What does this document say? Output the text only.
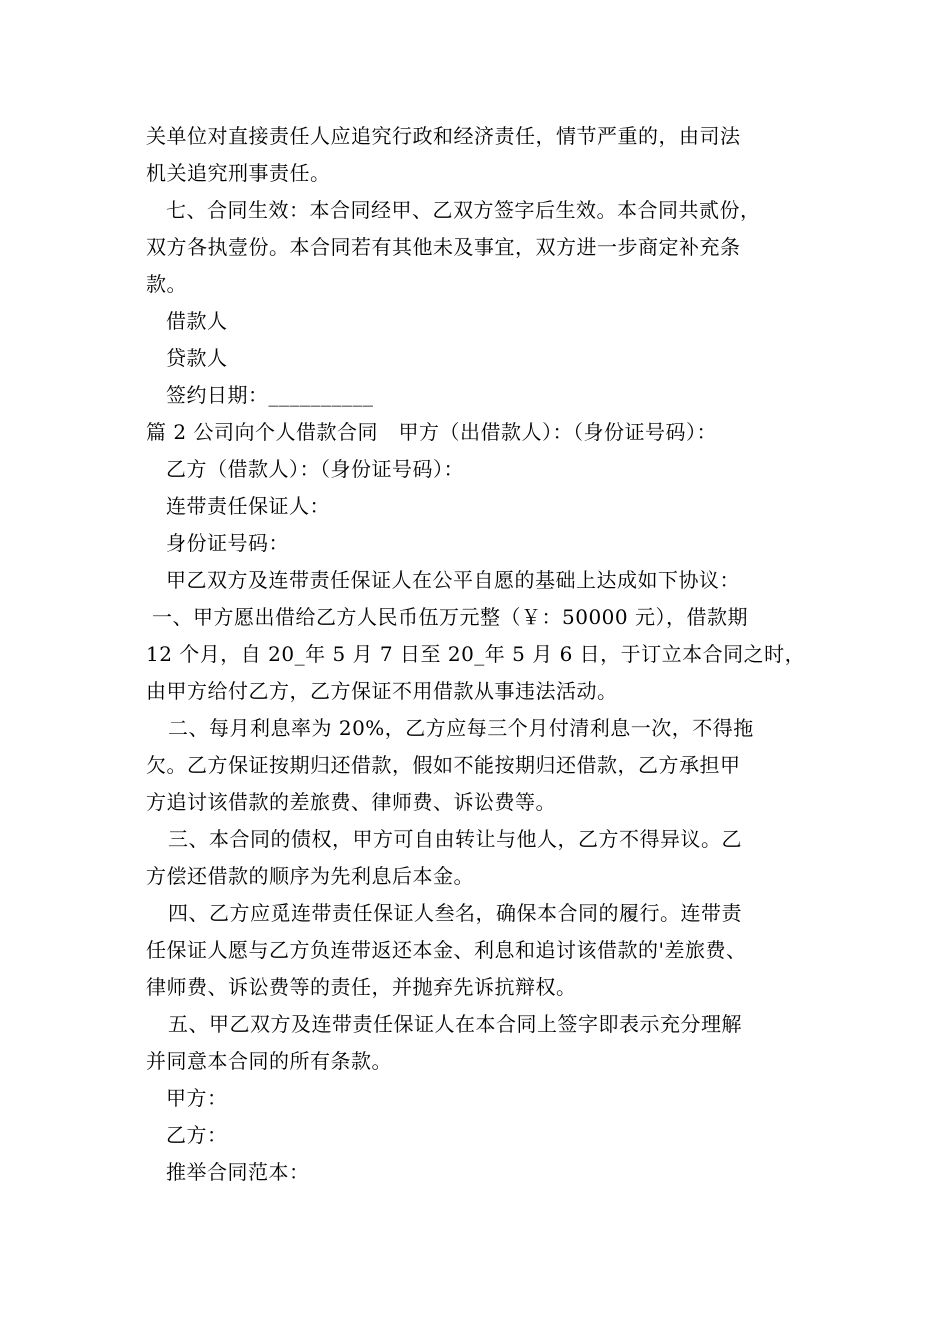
关单位对直接责任人应追究行政和经济责任，情节严重的，由司法
机关追究刑事责任。
七、合同生效：本合同经甲、乙双方签字后生效。本合同共贰份，
双方各执壹份。本合同若有其他未及事宜，双方进一步商定补充条
款。
借款人
贷款人
签约日期：__________
篇 2 公司向个人借款合同　甲方（出借款人）：（身份证号码）：
乙方（借款人）：（身份证号码）：
连带责任保证人：
身份证号码：
甲乙双方及连带责任保证人在公平自愿的基础上达成如下协议：
一、甲方愿出借给乙方人民币伍万元整（￥：50000 元），借款期
12 个月，自 20_年 5 月 7 日至 20_年 5 月 6 日，于订立本合同之时，
由甲方给付乙方，乙方保证不用借款从事违法活动。
二、每月利息率为 20%，乙方应每三个月付清利息一次，不得拖
欠。乙方保证按期归还借款，假如不能按期归还借款，乙方承担甲
方追讨该借款的差旅费、律师费、诉讼费等。
三、本合同的债权，甲方可自由转让与他人，乙方不得异议。乙
方偿还借款的顺序为先利息后本金。
四、乙方应觅连带责任保证人叁名，确保本合同的履行。连带责
任保证人愿与乙方负连带返还本金、利息和追讨该借款的'差旅费、
律师费、诉讼费等的责任，并抛弃先诉抗辩权。
五、甲乙双方及连带责任保证人在本合同上签字即表示充分理解
并同意本合同的所有条款。
甲方：
乙方：
推举合同范本：
